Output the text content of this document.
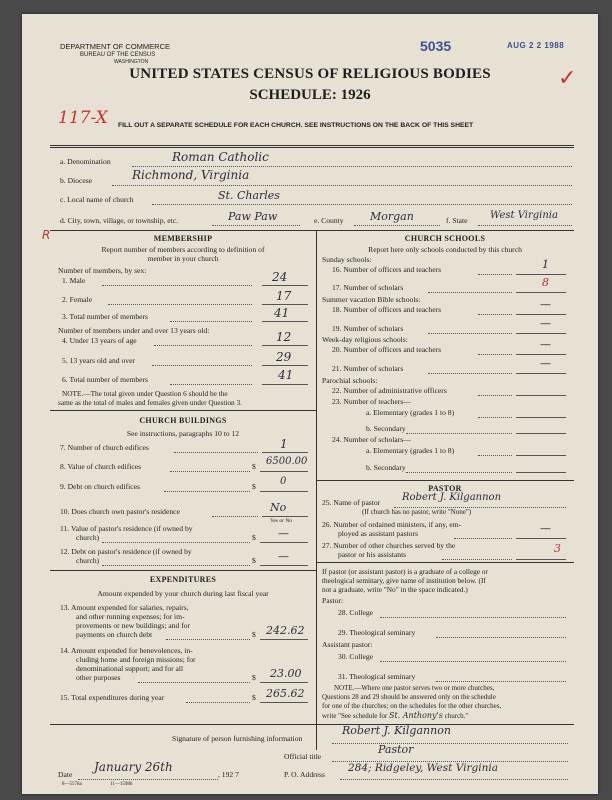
DEPARTMENT OF COMMERCE
BUREAU OF THE CENSUS
WASHINGTON
5035	AUG 2 2 1988
✓
UNITED STATES CENSUS OF RELIGIOUS BODIES
SCHEDULE: 1926
117-X FILL OUT A SEPARATE SCHEDULE FOR EACH CHURCH. SEE INSTRUCTIONS ON THE BACK OF THIS SHEET
a. Denomination	Roman Catholic
b. Diocese	Richmond, Virginia
c. Local name of church	St. Charles
d. City, town, village, or township, etc.	Paw Paw	e. County Morgan	f. State West Virginia
R	MEMBERSHIP
Report number of members according to definition of
member in your church
Number of members, by sex:
1. Male	24
2. Female	17
3. Total number of members	41
Number of members under and over 13 years old:
4. Under 13 years of age	12
5. 13 years old and over	29
6. Total number of members	41
NOTE.—The total given under Question 6 should be the
same as the total of males and females given under Question 3.
CHURCH BUILDINGS
See instructions, paragraphs 10 to 12
7. Number of church edifices	1
8. Value of church edifices	$ 6500.00
9. Debt on church edifices	$ 0
10. Does church own pastor's residence	No
Yes or No
11. Value of pastor's residence (if owned by
church)	$ —
12. Debt on pastor's residence (if owned by
church)	$ —
EXPENDITURES
Amount expended by your church during last fiscal year
13. Amount expended for salaries, repairs,
and other running expenses; for im-
provements or new buildings; and for
payments on church debt	$ 242.62
14. Amount expended for benevolences, in-
cluding home and foreign missions; for
denominational support; and for all
other purposes	$ 23.00
15. Total expenditures during year	$ 265.62
CHURCH SCHOOLS
Report here only schools conducted by this church
Sunday schools:
16. Number of officers and teachers	1
17. Number of scholars	8
Summer vacation Bible schools:
18. Number of officers and teachers	—
19. Number of scholars	—
Week-day religious schools:
20. Number of officers and teachers	—
21. Number of scholars	—
Parochial schools:
22. Number of administrative officers
23. Number of teachers—
a. Elementary (grades 1 to 8)
b. Secondary
24. Number of scholars—
a. Elementary (grades 1 to 8)
b. Secondary
PASTOR
25. Name of pastor Robert J. Kilgannon
(If church has no pastor, write "None")
26. Number of ordained ministers, if any, em-
ployed as assistant pastors	—
27. Number of other churches served by the
pastor or his assistants	3
If pastor (or assistant pastor) is a graduate of a college or
theological seminary, give name of institution below. (If
not a graduate, write "No" in the space indicated.)
Pastor:
28. College
29. Theological seminary
Assistant pastor:
30. College
31. Theological seminary
NOTE.—Where one pastor serves two or more churches,
Questions 28 and 29 should be answered only on the schedule
for one of the churches; on the schedules for the other churches,
write "See schedule for St. Anthony's church."
Signature of person furnishing information
Robert J. Kilgannon
Official title
Pastor
Date
January 26th
, 192 7	P. O. Address
284; Ridgeley, West Virginia
8—5578a	11—15986
